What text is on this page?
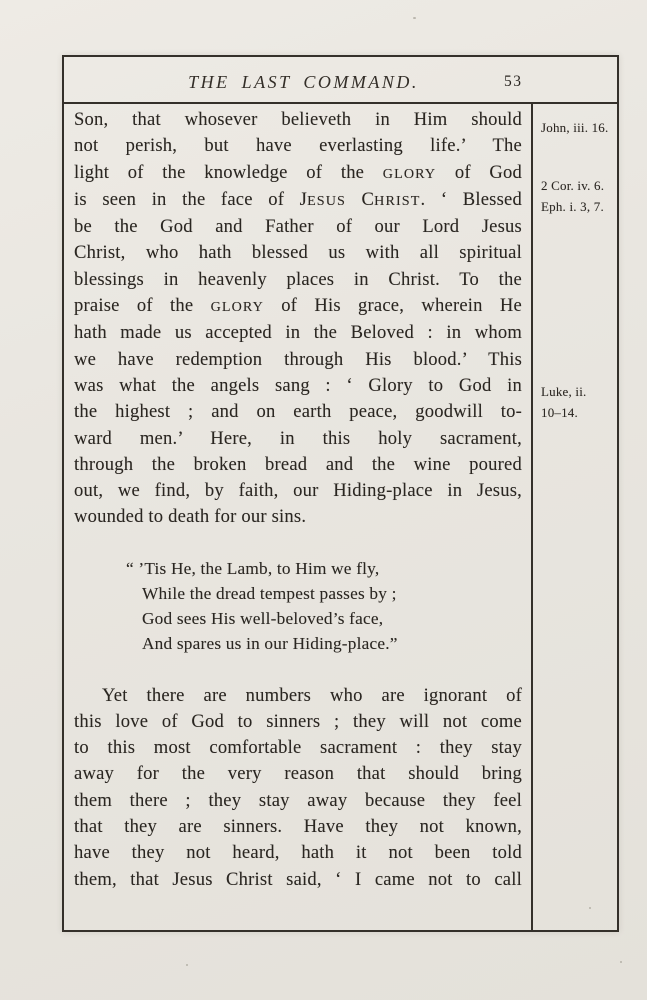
THE LAST COMMAND.	53
Son, that whosever believeth in Him should
not perish, but have everlasting life.’ The
light of the knowledge of the GLORY of God
is seen in the face of JESUS CHRIST. ‘ Blessed
be the God and Father of our Lord Jesus
Christ, who hath blessed us with all spiritual
blessings in heavenly places in Christ. To the
praise of the GLORY of His grace, wherein He
hath made us accepted in the Beloved : in whom
we have redemption through His blood.’ This
was what the angels sang : ‘ Glory to God in
the highest ; and on earth peace, goodwill to-
ward men.’ Here, in this holy sacrament,
through the broken bread and the wine poured
out, we find, by faith, our Hiding-place in Jesus,
wounded to death for our sins.
“ ’Tis He, the Lamb, to Him we fly,
While the dread tempest passes by ;
God sees His well-beloved’s face,
And spares us in our Hiding-place.”
Yet there are numbers who are ignorant of
this love of God to sinners ; they will not come
to this most comfortable sacrament : they stay
away for the very reason that should bring
them there ; they stay away because they feel
that they are sinners. Have they not known,
have they not heard, hath it not been told
them, that Jesus Christ said, ‘ I came not to call
John, iii. 16.
2 Cor. iv. 6.
Eph. i. 3, 7.
Luke, ii.
10–14.
